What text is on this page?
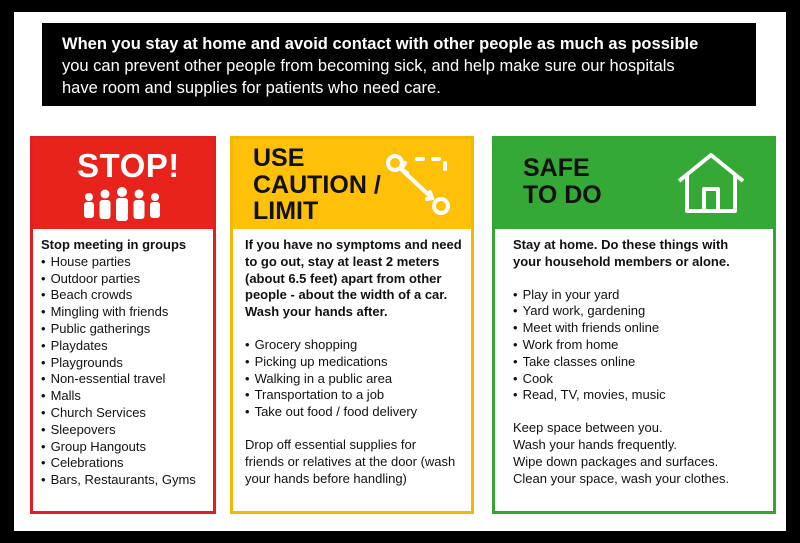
When you stay at home and avoid contact with other people as much as possible
you can prevent other people from becoming sick, and help make sure our hospitals
have room and supplies for patients who need care.
STOP!
Stop meeting in groups
• House parties
• Outdoor parties
• Beach crowds
• Mingling with friends
• Public gatherings
• Playdates
• Playgrounds
• Non-essential travel
• Malls
• Church Services
• Sleepovers
• Group Hangouts
• Celebrations
• Bars, Restaurants, Gyms
USE
CAUTION /
LIMIT
If you have no symptoms and need
to go out, stay at least 2 meters
(about 6.5 feet) apart from other
people - about the width of a car.
Wash your hands after.
• Grocery shopping
• Picking up medications
• Walking in a public area
• Transportation to a job
• Take out food / food delivery
Drop off essential supplies for
friends or relatives at the door (wash
your hands before handling)
SAFE
TO DO
Stay at home. Do these things with
your household members or alone.
• Play in your yard
• Yard work, gardening
• Meet with friends online
• Work from home
• Take classes online
• Cook
• Read, TV, movies, music
Keep space between you.
Wash your hands frequently.
Wipe down packages and surfaces.
Clean your space, wash your clothes.
